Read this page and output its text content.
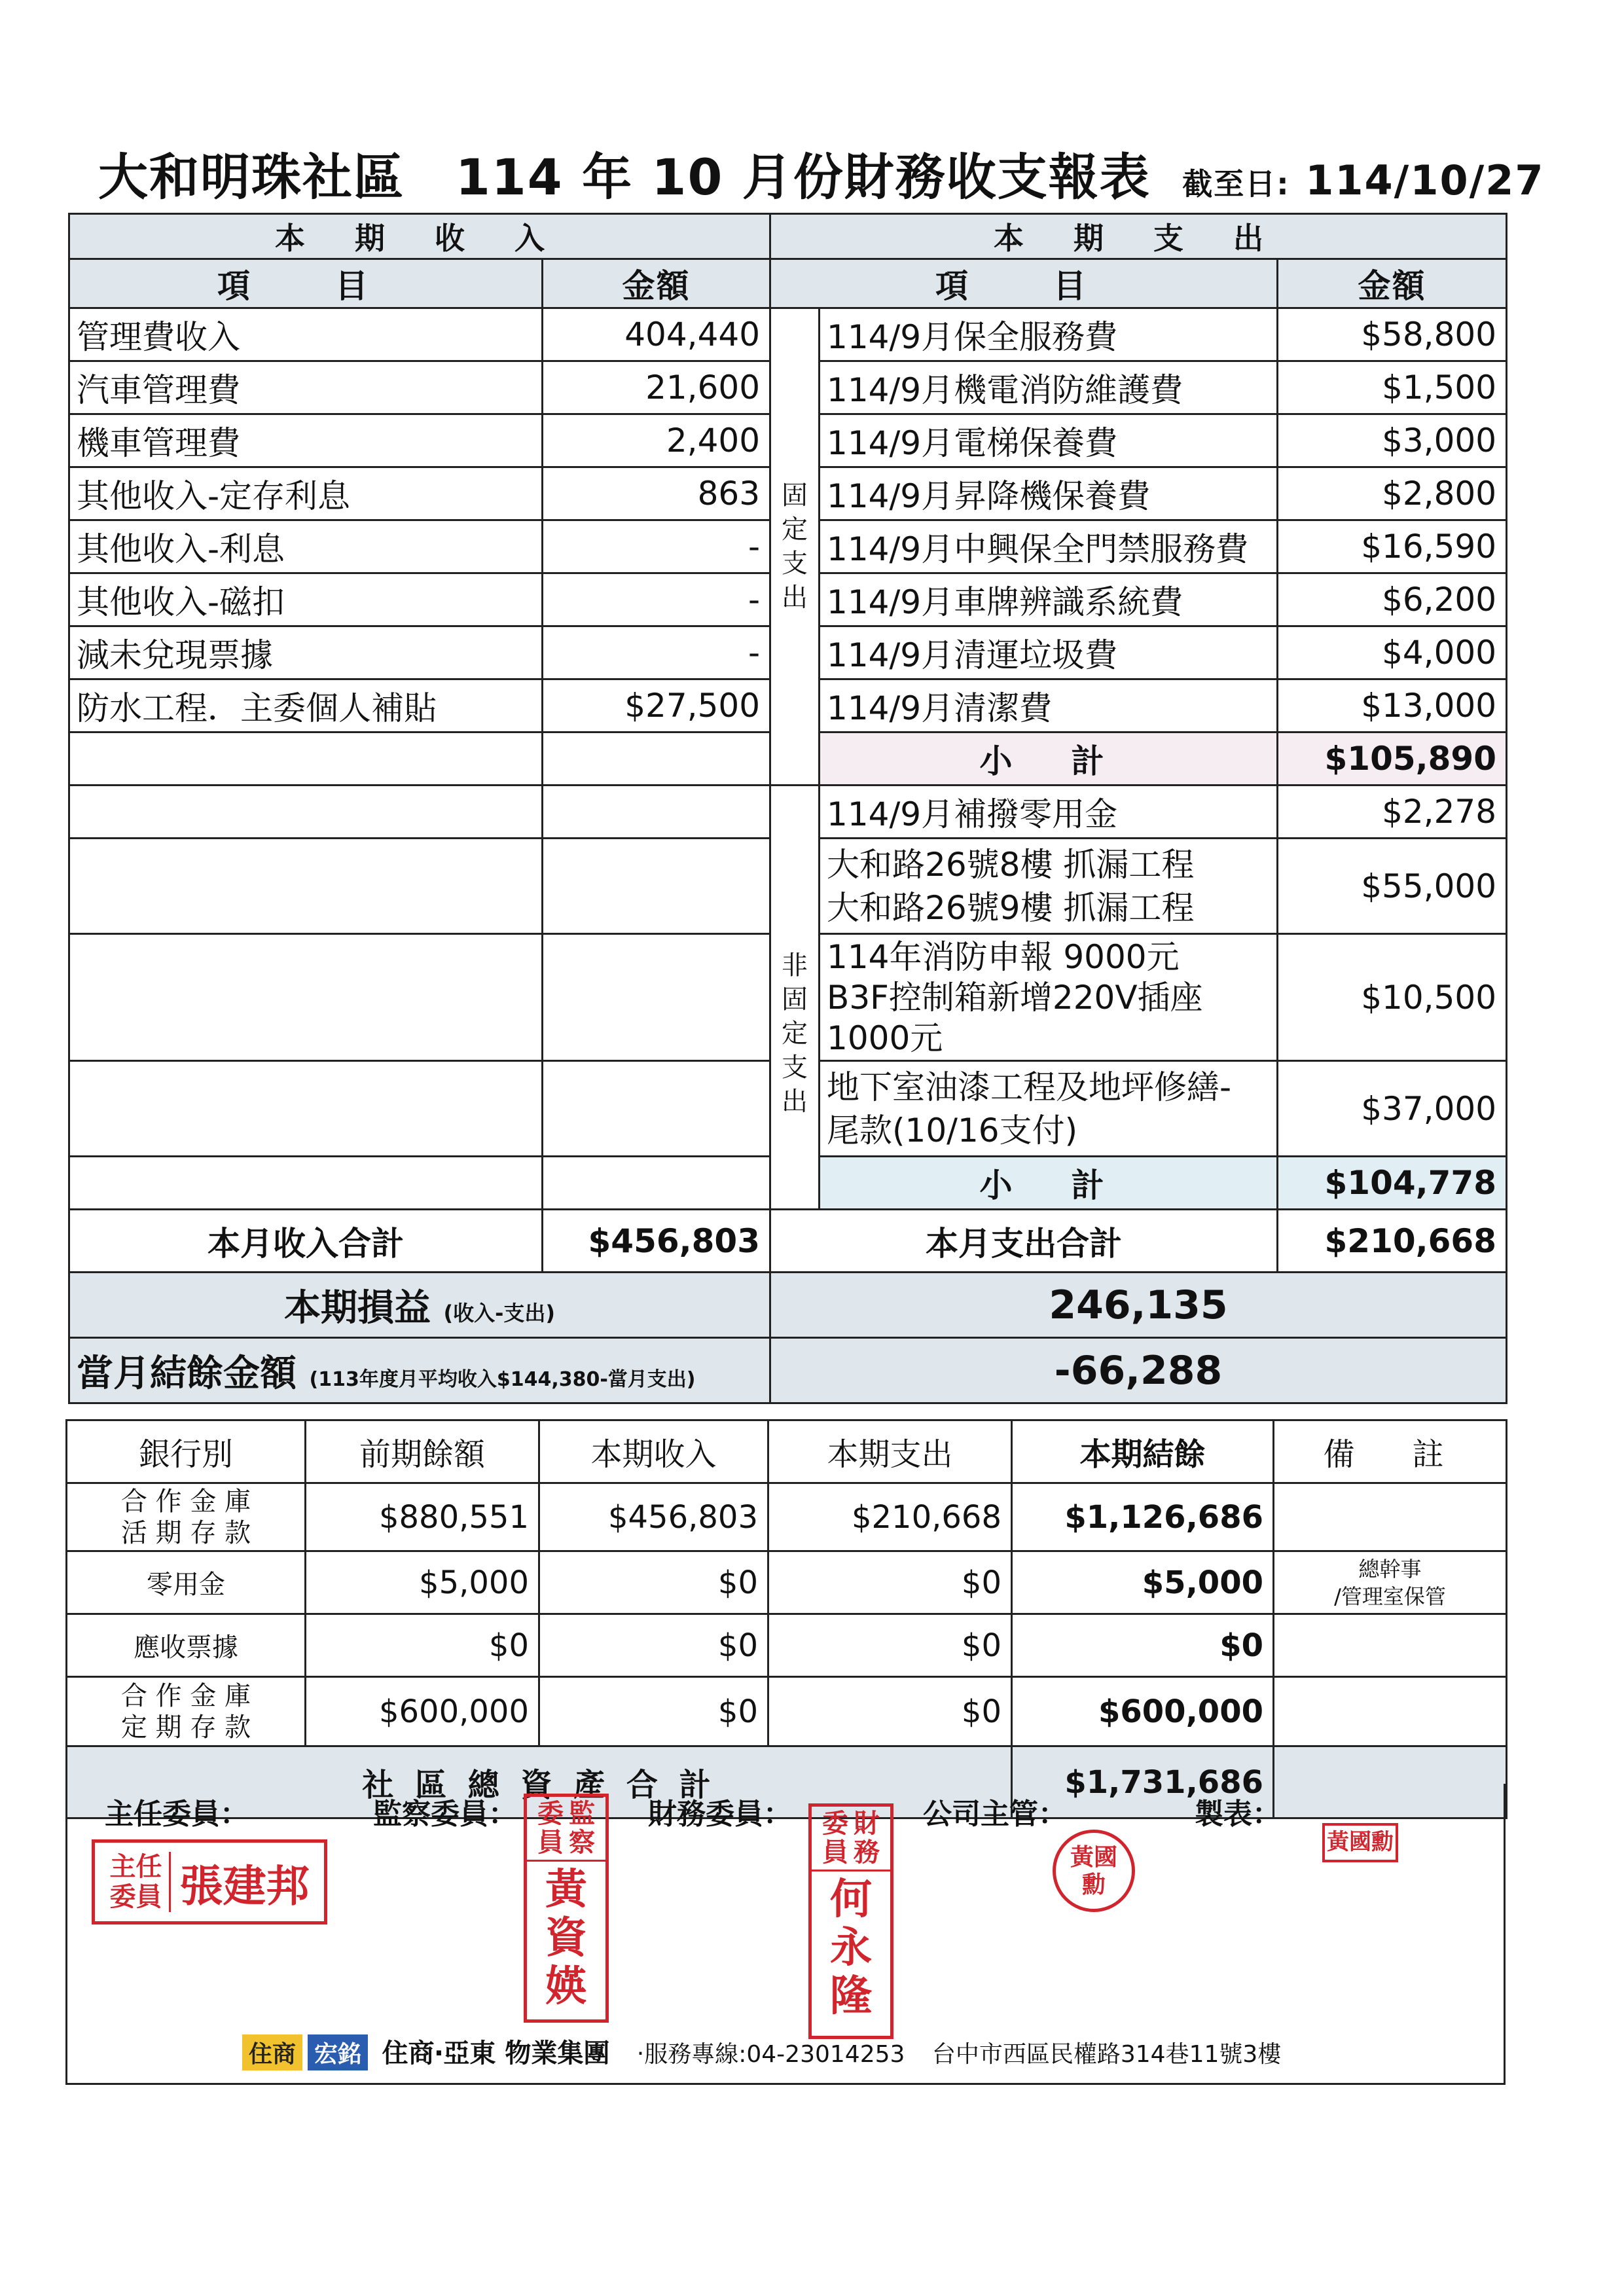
大和明珠社區　114 年 10 月份財務收支報表 截至日: 114/10/27
本 期 收 入		本 期 支 出		
項　目	金額	項　目		金額
管理費收入	404,440	固定支出	114/9月保全服務費	$58,800
汽車管理費	21,600		114/9月機電消防維護費	$1,500
機車管理費	2,400		114/9月電梯保養費	$3,000
其他收入-定存利息	863		114/9月昇降機保養費	$2,800
其他收入-利息	-		114/9月中興保全門禁服務費	$16,590
其他收入-磁扣	-		114/9月車牌辨識系統費	$6,200
減未兌現票據	-		114/9月清運垃圾費	$4,000
防水工程．主委個人補貼	$27,500		114/9月清潔費	$13,000
			小　計	$105,890
		非固定支出	114/9月補撥零用金	$2,278

			大和路26號8樓 抓漏工程
大和路26號9樓 抓漏工程	$55,000

			114年消防申報 9000元
B3F控制箱新增220V插座
1000元	$10,500

			地下室油漆工程及地坪修繕-
尾款(10/16支付)	$37,000
			小　計	$104,778
本月收入合計	$456,803	本月支出合計		$210,668
本期損益 (收入-支出)		246,135		
當月結餘金額 (113年度月平均收入$144,380-當月支出)		-66,288		
銀行別	前期餘額	本期收入	本期支出	本期結餘	備　註

合 作 金 庫
活 期 存 款	$880,551	$456,803	$210,668	$1,126,686	
零用金	$5,000	$0	$0	$5,000	總幹事
/管理室保管

應收票據	$0	$0	$0	$0	

合 作 金 庫
定 期 存 款	$600,000	$0	$0	$600,000	
社 區 總 資 產 合 計				$1,731,686	
主任委員：	監察委員：	財務委員：	公司主管：	製表：
主任
委員 張建邦
委員
監察
黃資媖
委員
財務
何永隆
黃國勳
黃國勳
住商 宏銘 住商‧亞東 物業集團 ‧服務專線:04-23014253 台中市西區民權路314巷11號3樓
